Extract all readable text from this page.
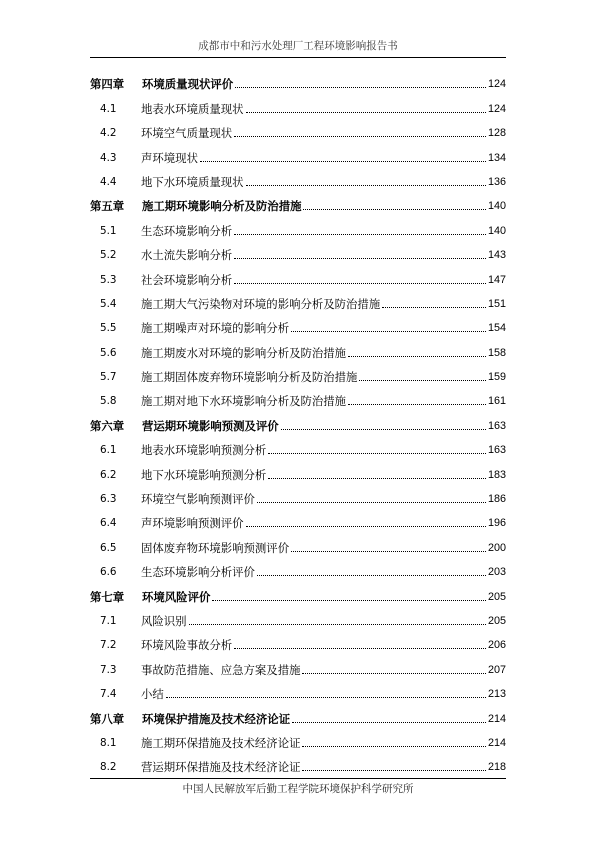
成都市中和污水处理厂工程环境影响报告书
第四章	环境质量现状评价	124
4.1	地表水环境质量现状	124
4.2	环境空气质量现状	128
4.3	声环境现状	134
4.4	地下水环境质量现状	136
第五章	施工期环境影响分析及防治措施	140
5.1	生态环境影响分析	140
5.2	水土流失影响分析	143
5.3	社会环境影响分析	147
5.4	施工期大气污染物对环境的影响分析及防治措施	151
5.5	施工期噪声对环境的影响分析	154
5.6	施工期废水对环境的影响分析及防治措施	158
5.7	施工期固体废弃物环境影响分析及防治措施	159
5.8	施工期对地下水环境影响分析及防治措施	161
第六章	营运期环境影响预测及评价	163
6.1	地表水环境影响预测分析	163
6.2	地下水环境影响预测分析	183
6.3	环境空气影响预测评价	186
6.4	声环境影响预测评价	196
6.5	固体废弃物环境影响预测评价	200
6.6	生态环境影响分析评价	203
第七章	环境风险评价	205
7.1	风险识别	205
7.2	环境风险事故分析	206
7.3	事故防范措施、应急方案及措施	207
7.4	小结	213
第八章	环境保护措施及技术经济论证	214
8.1	施工期环保措施及技术经济论证	214
8.2	营运期环保措施及技术经济论证	218
中国人民解放军后勤工程学院环境保护科学研究所
